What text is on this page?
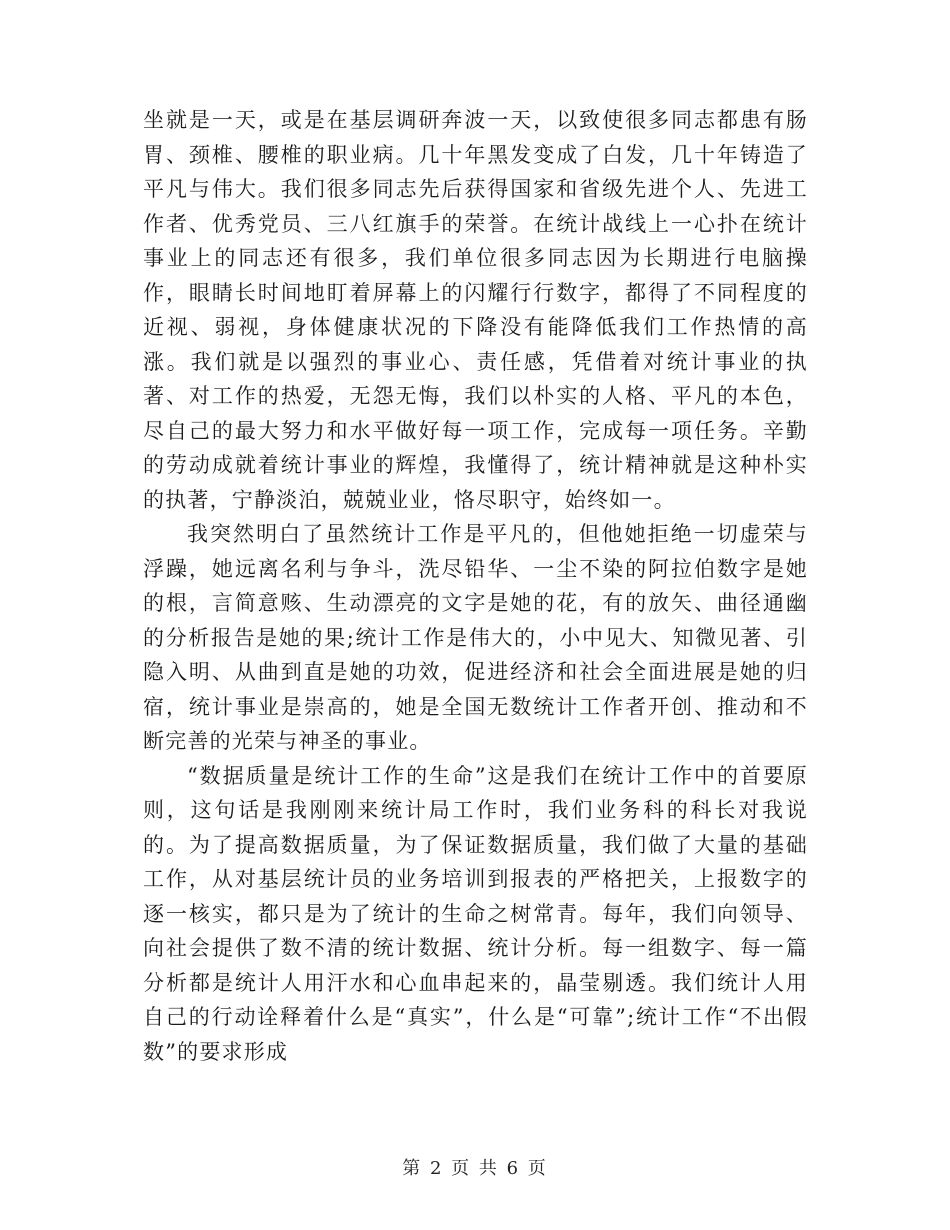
坐就是一天，或是在基层调研奔波一天，以致使很多同志都患有肠胃、颈椎、腰椎的职业病。几十年黑发变成了白发，几十年铸造了平凡与伟大。我们很多同志先后获得国家和省级先进个人、先进工作者、优秀党员、三八红旗手的荣誉。在统计战线上一心扑在统计事业上的同志还有很多，我们单位很多同志因为长期进行电脑操作，眼睛长时间地盯着屏幕上的闪耀行行数字，都得了不同程度的近视、弱视，身体健康状况的下降没有能降低我们工作热情的高涨。我们就是以强烈的事业心、责任感，凭借着对统计事业的执著、对工作的热爱，无怨无悔，我们以朴实的人格、平凡的本色，尽自己的最大努力和水平做好每一项工作，完成每一项任务。辛勤的劳动成就着统计事业的辉煌，我懂得了，统计精神就是这种朴实的执著，宁静淡泊，兢兢业业，恪尽职守，始终如一。

我突然明白了虽然统计工作是平凡的，但他她拒绝一切虚荣与浮躁，她远离名利与争斗，洗尽铅华、一尘不染的阿拉伯数字是她的根，言简意赅、生动漂亮的文字是她的花，有的放矢、曲径通幽的分析报告是她的果;统计工作是伟大的，小中见大、知微见著、引隐入明、从曲到直是她的功效，促进经济和社会全面进展是她的归宿，统计事业是崇高的，她是全国无数统计工作者开创、推动和不断完善的光荣与神圣的事业。

“数据质量是统计工作的生命”这是我们在统计工作中的首要原则，这句话是我刚刚来统计局工作时，我们业务科的科长对我说的。为了提高数据质量，为了保证数据质量，我们做了大量的基础工作，从对基层统计员的业务培训到报表的严格把关，上报数字的逐一核实，都只是为了统计的生命之树常青。每年，我们向领导、向社会提供了数不清的统计数据、统计分析。每一组数字、每一篇分析都是统计人用汗水和心血串起来的，晶莹剔透。我们统计人用自己的行动诠释着什么是“真实”，什么是“可靠”;统计工作“不出假数”的要求形成

第 2 页 共 6 页
